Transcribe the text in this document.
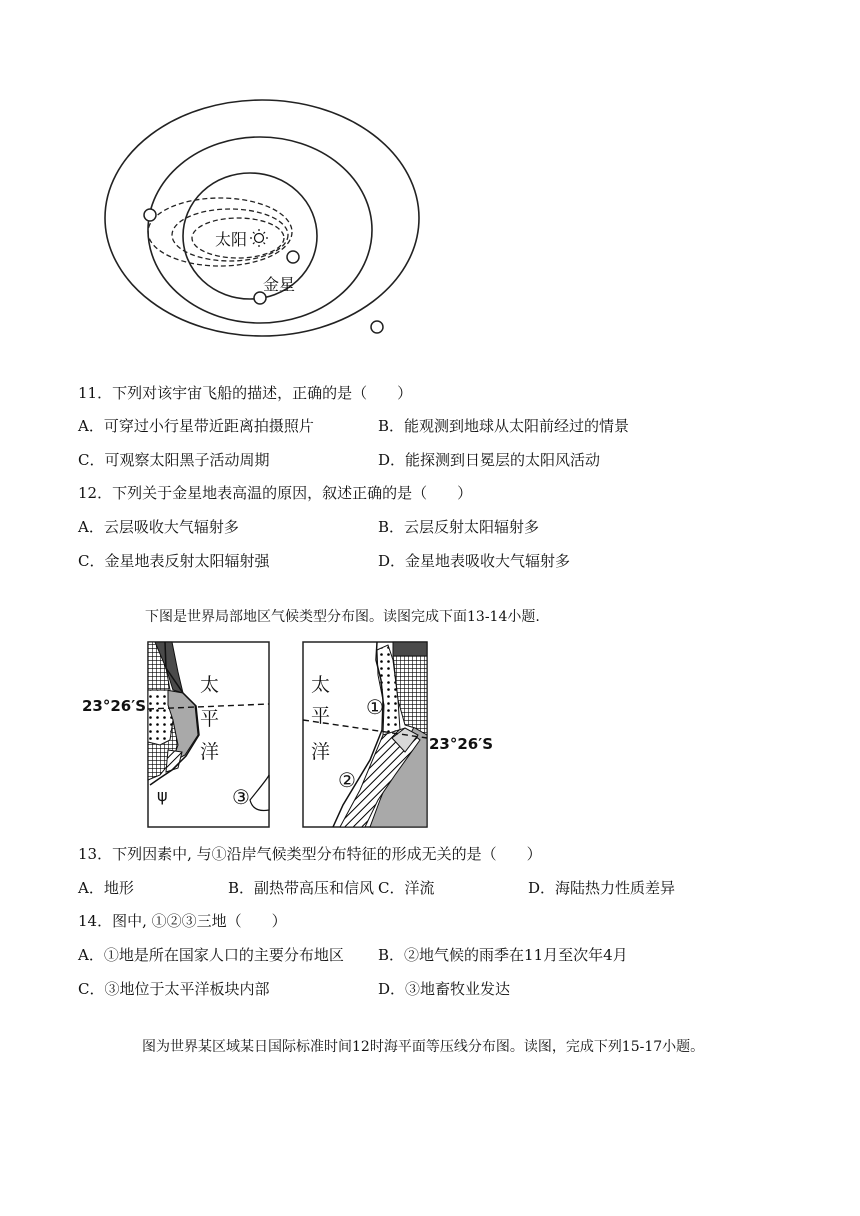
太阳
金星
11．下列对该宇宙飞船的描述，正确的是（　　）
A．可穿过小行星带近距离拍摄照片	B．能观测到地球从太阳前经过的情景
C．可观察太阳黑子活动周期	D．能探测到日冕层的太阳风活动
12．下列关于金星地表高温的原因，叙述正确的是（　　）
A．云层吸收大气辐射多	B．云层反射太阳辐射多
C．金星地表反射太阳辐射强	D．金星地表吸收大气辐射多
下图是世界局部地区气候类型分布图。读图完成下面13-14小题.
ψ
23°26′S
太
平
洋
③
23°26′S
太
平
洋
①
②
13．下列因素中, 与①沿岸气候类型分布特征的形成无关的是（　　）
A．地形	B．副热带高压和信风 C．洋流	D．海陆热力性质差异
14．图中, ①②③三地（　　）
A．①地是所在国家人口的主要分布地区 B．②地气候的雨季在11月至次年4月
C．③地位于太平洋板块内部	D．③地畜牧业发达
图为世界某区域某日国际标准时间12时海平面等压线分布图。读图，完成下列15-17小题。
